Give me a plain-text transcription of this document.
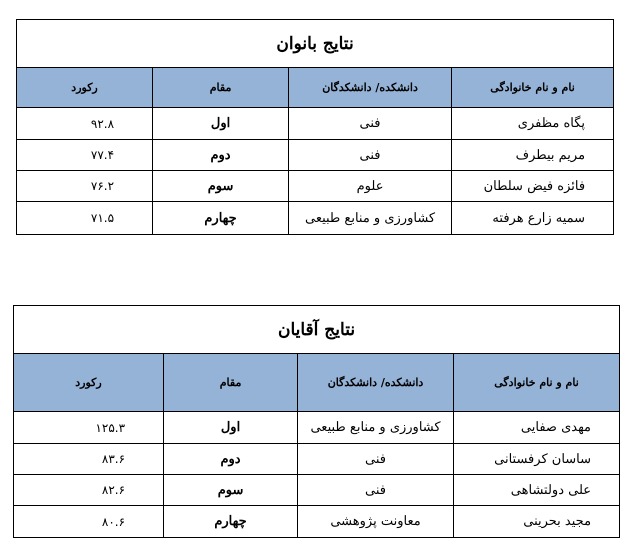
نتایج بانوان			
نام و نام خانوادگی	دانشکده/ دانشکدگان	مقام	رکورد
پگاه مظفری	فنی	اول	۹۲.۸
مریم بیطرف	فنی	دوم	۷۷.۴
فائزه فیض سلطان	علوم	سوم	۷۶.۲
سمیه زارع هرفته	کشاورزی و منابع طبیعی	چهارم	۷۱.۵
نتایج آقایان			
نام و نام خانوادگی	دانشکده/ دانشکدگان	مقام	رکورد
مهدی صفایی	کشاورزی و منابع طبیعی	اول	۱۲۵.۳
ساسان کرفستانی	فنی	دوم	۸۳.۶
علی دولتشاهی	فنی	سوم	۸۲.۶
مجید بحرینی	معاونت پژوهشی	چهارم	۸۰.۶
